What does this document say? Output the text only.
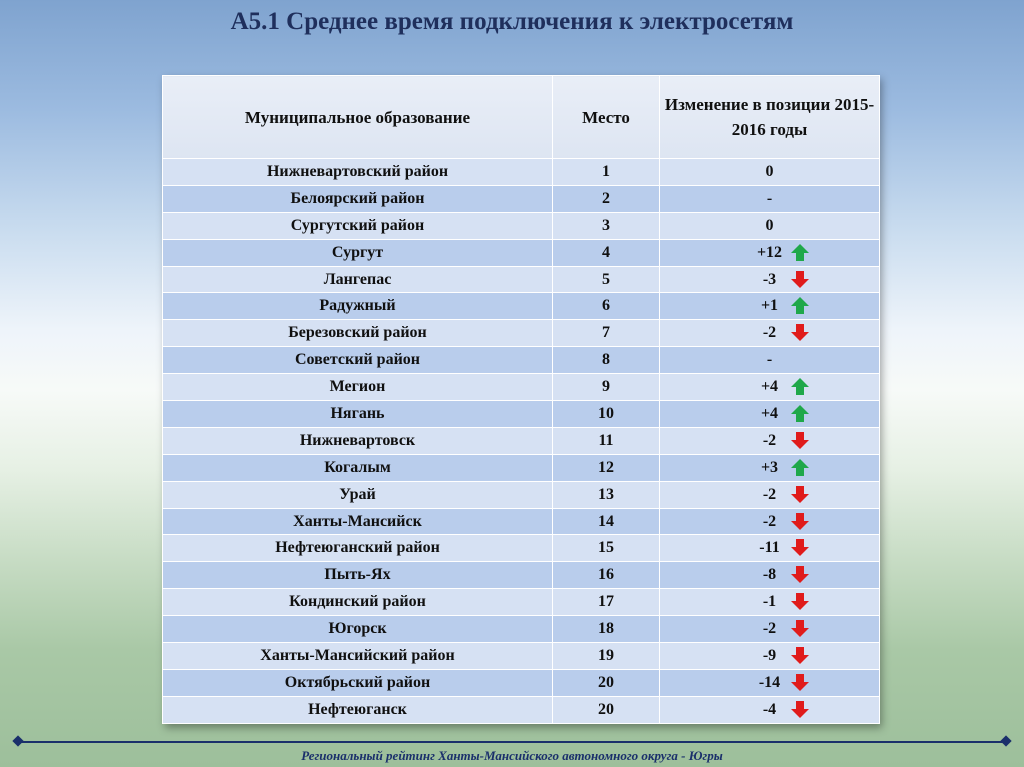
А5.1 Среднее время подключения к электросетям
Муниципальное образование	Место	Изменение в позиции 2015-2016 годы
Нижневартовский район	1	0
Белоярский район	2	-
Сургутский район	3	0
Сургут	4	+12

Лангепас	5	-3

Радужный	6	+1

Березовский район	7	-2

Советский район	8	-
Мегион	9	+4

Нягань	10	+4

Нижневартовск	11	-2

Когалым	12	+3

Урай	13	-2

Ханты-Мансийск	14	-2

Нефтеюганский район	15	-11

Пыть-Ях	16	-8

Кондинский район	17	-1

Югорск	18	-2

Ханты-Мансийский район	19	-9

Октябрьский район	20	-14

Нефтеюганск	20	-4

Региональный рейтинг Ханты-Мансийского автономного округа - Югры
